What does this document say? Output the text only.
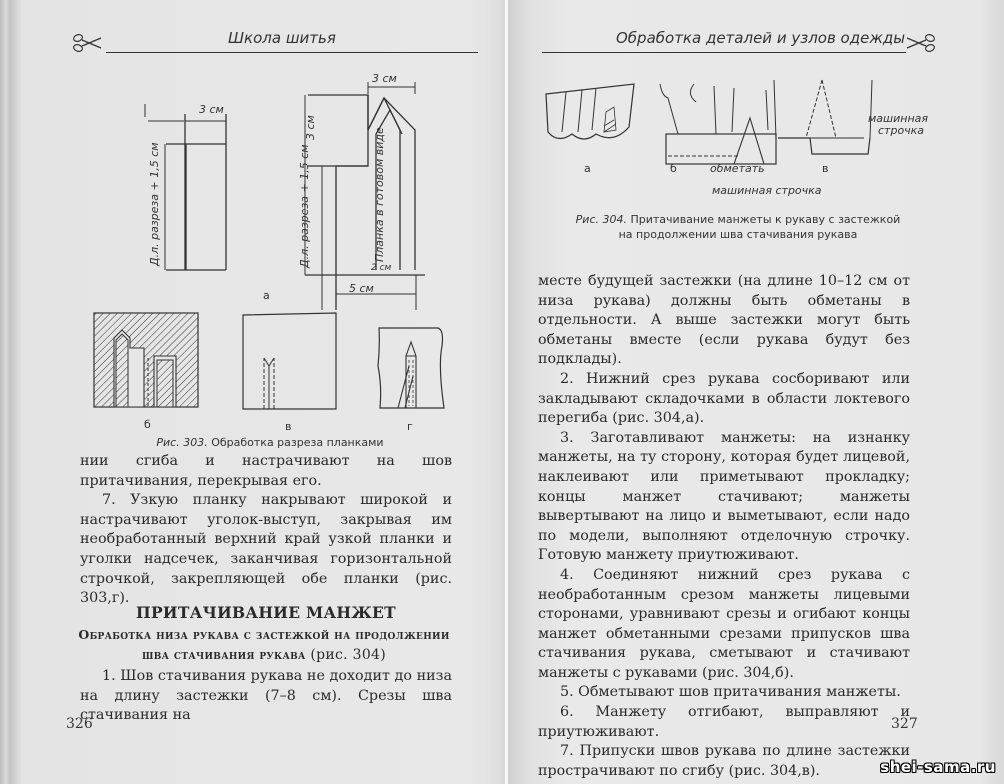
Школа шитья
3 см
Д.л. разреза + 1,5 см
3 см
3 см
Д.л. разреза + 1,5 см	Планка в готовом виде
2 см
5 см
а
б	в	г
Рис. 303. Обработка разреза планками

нии сгиба и настрачивают на шов притачивания, перекрывая его.

7. Узкую планку накрывают широкой и настрачивают уголок-выступ, закрывая им необработанный верхний край узкой планки и уголки надсечек, заканчивая горизонтальной строчкой, закрепляющей обе планки (рис. 303,г).

ПРИТАЧИВАНИЕ МАНЖЕТ
Обработка низа рукава с застежкой на продолжении шва стачивания рукава (рис. 304)

1. Шов стачивания рукава не доходит до низа на длину застежки (7–8 см). Срезы шва стачивания на

326
Обработка деталей и узлов одежды
а	б	обметать
машинная строчка
в
машинная
строчка
Рис. 304. Притачивание манжеты к рукаву с застежкой
на продолжении шва стачивания рукава

месте будущей застежки (на длине 10–12 см от низа рукава) должны быть обметаны в отдельности. А выше застежки могут быть обметаны вместе (если рукава будут без подклады).

2. Нижний срез рукава сосборивают или закладывают складочками в области локтевого перегиба (рис. 304,а).

3. Заготавливают манжеты: на изнанку манжеты, на ту сторону, которая будет лицевой, наклеивают или приметывают прокладку; концы манжет стачивают; манжеты вывертывают на лицо и выметывают, если надо по модели, выполняют отделочную строчку. Готовую манжету приутюживают.

4. Соединяют нижний срез рукава с необработанным срезом манжеты лицевыми сторонами, уравнивают срезы и огибают концы манжет обметанными срезами припусков шва стачивания рукава, сметывают и стачивают манжеты с рукавами (рис. 304,б).

5. Обметывают шов притачивания манжеты.

6. Манжету отгибают, выправляют и приутюживают.

7. Припуски швов рукава по длине застежки прострачивают по сгибу (рис. 304,в).

327
shei-sama.ru
